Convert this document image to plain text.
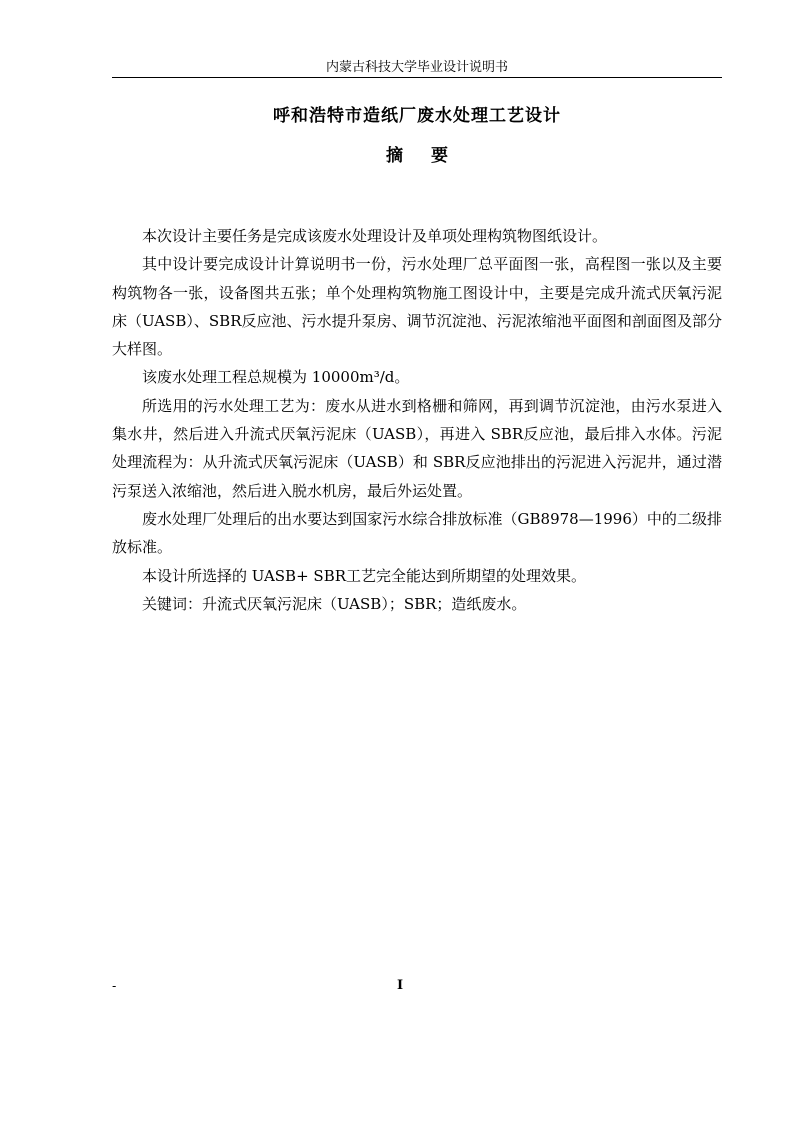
内蒙古科技大学毕业设计说明书
呼和浩特市造纸厂废水处理工艺设计
摘要

本次设计主要任务是完成该废水处理设计及单项处理构筑物图纸设计。

其中设计要完成设计计算说明书一份，污水处理厂总平面图一张，高程图一张以及主要构筑物各一张，设备图共五张；单个处理构筑物施工图设计中，主要是完成升流式厌氧污泥床（UASB）、SBR反应池、污水提升泵房、调节沉淀池、污泥浓缩池平面图和剖面图及部分大样图。

该废水处理工程总规模为 10000m³/d。

所选用的污水处理工艺为：废水从进水到格栅和筛网，再到调节沉淀池，由污水泵进入集水井，然后进入升流式厌氧污泥床（UASB），再进入 SBR反应池，最后排入水体。污泥处理流程为：从升流式厌氧污泥床（UASB）和 SBR反应池排出的污泥进入污泥井，通过潜污泵送入浓缩池，然后进入脱水机房，最后外运处置。

废水处理厂处理后的出水要达到国家污水综合排放标准（GB8978—1996）中的二级排放标准。

本设计所选择的 UASB+ SBR工艺完全能达到所期望的处理效果。

关键词：升流式厌氧污泥床（UASB）；SBR；造纸废水。

-	I
